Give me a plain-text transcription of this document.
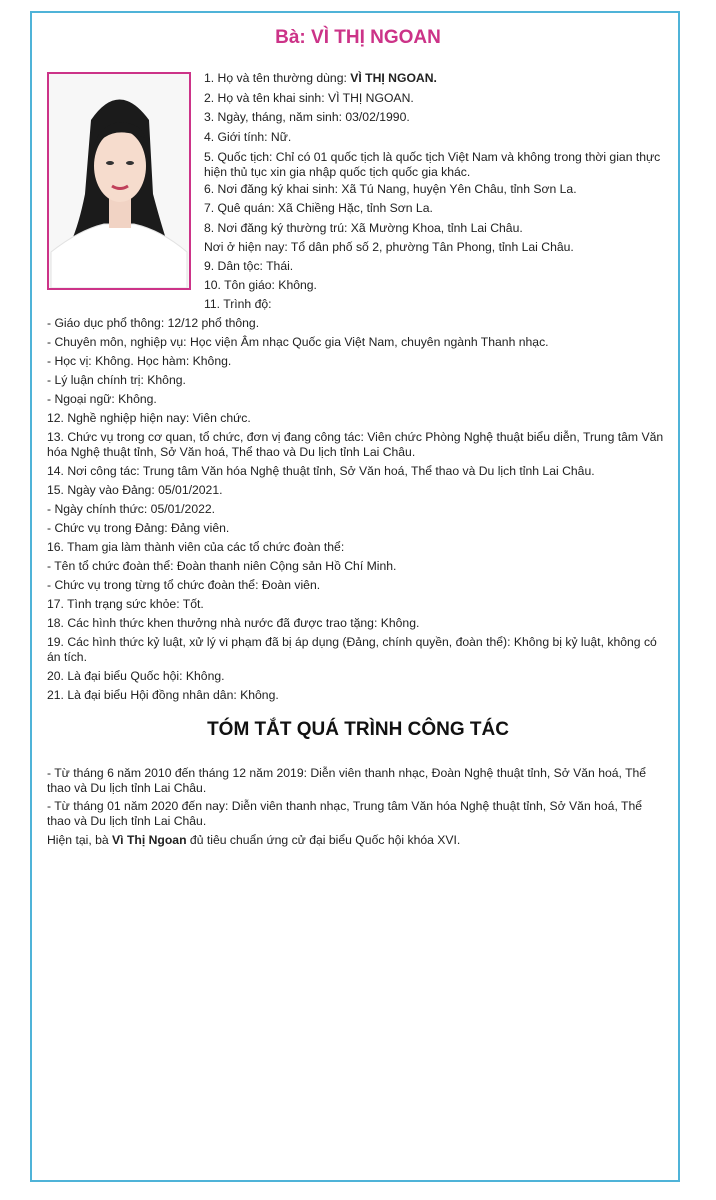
Bà: VÌ THỊ NGOAN
1. Họ và tên thường dùng: VÌ THỊ NGOAN.
2. Họ và tên khai sinh: VÌ THỊ NGOAN.
3. Ngày, tháng, năm sinh: 03/02/1990.
4. Giới tính: Nữ.
5. Quốc tịch: Chỉ có 01 quốc tịch là quốc tịch Việt Nam và không trong thời gian thực hiện thủ tục xin gia nhập quốc tịch quốc gia khác.
6. Nơi đăng ký khai sinh: Xã Tú Nang, huyện Yên Châu, tỉnh Sơn La.
7. Quê quán: Xã Chiềng Hặc, tỉnh Sơn La.
8. Nơi đăng ký thường trú: Xã Mường Khoa, tỉnh Lai Châu.
Nơi ở hiện nay: Tổ dân phố số 2, phường Tân Phong, tỉnh Lai Châu.
9. Dân tộc: Thái.
10. Tôn giáo: Không.
11. Trình độ:
- Giáo dục phổ thông: 12/12 phổ thông.
- Chuyên môn, nghiệp vụ: Học viện Âm nhạc Quốc gia Việt Nam, chuyên ngành Thanh nhạc.
- Học vị: Không. Học hàm: Không.
- Lý luận chính trị: Không.
- Ngoại ngữ: Không.
12. Nghề nghiệp hiện nay: Viên chức.
13. Chức vụ trong cơ quan, tổ chức, đơn vị đang công tác: Viên chức Phòng Nghệ thuật biểu diễn, Trung tâm Văn hóa Nghệ thuật tỉnh, Sở Văn hoá, Thể thao và Du lịch tỉnh Lai Châu.
14. Nơi công tác: Trung tâm Văn hóa Nghệ thuật tỉnh, Sở Văn hoá, Thể thao và Du lịch tỉnh Lai Châu.
15. Ngày vào Đảng: 05/01/2021.
- Ngày chính thức: 05/01/2022.
- Chức vụ trong Đảng: Đảng viên.
16. Tham gia làm thành viên của các tổ chức đoàn thể:
- Tên tổ chức đoàn thể: Đoàn thanh niên Cộng sản Hồ Chí Minh.
- Chức vụ trong từng tổ chức đoàn thể: Đoàn viên.
17. Tình trạng sức khỏe: Tốt.
18. Các hình thức khen thưởng nhà nước đã được trao tặng: Không.
19. Các hình thức kỷ luật, xử lý vi phạm đã bị áp dụng (Đảng, chính quyền, đoàn thể): Không bị kỷ luật, không có án tích.
20. Là đại biểu Quốc hội: Không.
21. Là đại biểu Hội đồng nhân dân: Không.
TÓM TẮT QUÁ TRÌNH CÔNG TÁC
- Từ tháng 6 năm 2010 đến tháng 12 năm 2019: Diễn viên thanh nhạc, Đoàn Nghệ thuật tỉnh, Sở Văn hoá, Thể thao và Du lịch tỉnh Lai Châu.
- Từ tháng 01 năm 2020 đến nay: Diễn viên thanh nhạc, Trung tâm Văn hóa Nghệ thuật tỉnh, Sở Văn hoá, Thể thao và Du lịch tỉnh Lai Châu.
Hiện tại, bà Vì Thị Ngoan đủ tiêu chuẩn ứng cử đại biểu Quốc hội khóa XVI.
